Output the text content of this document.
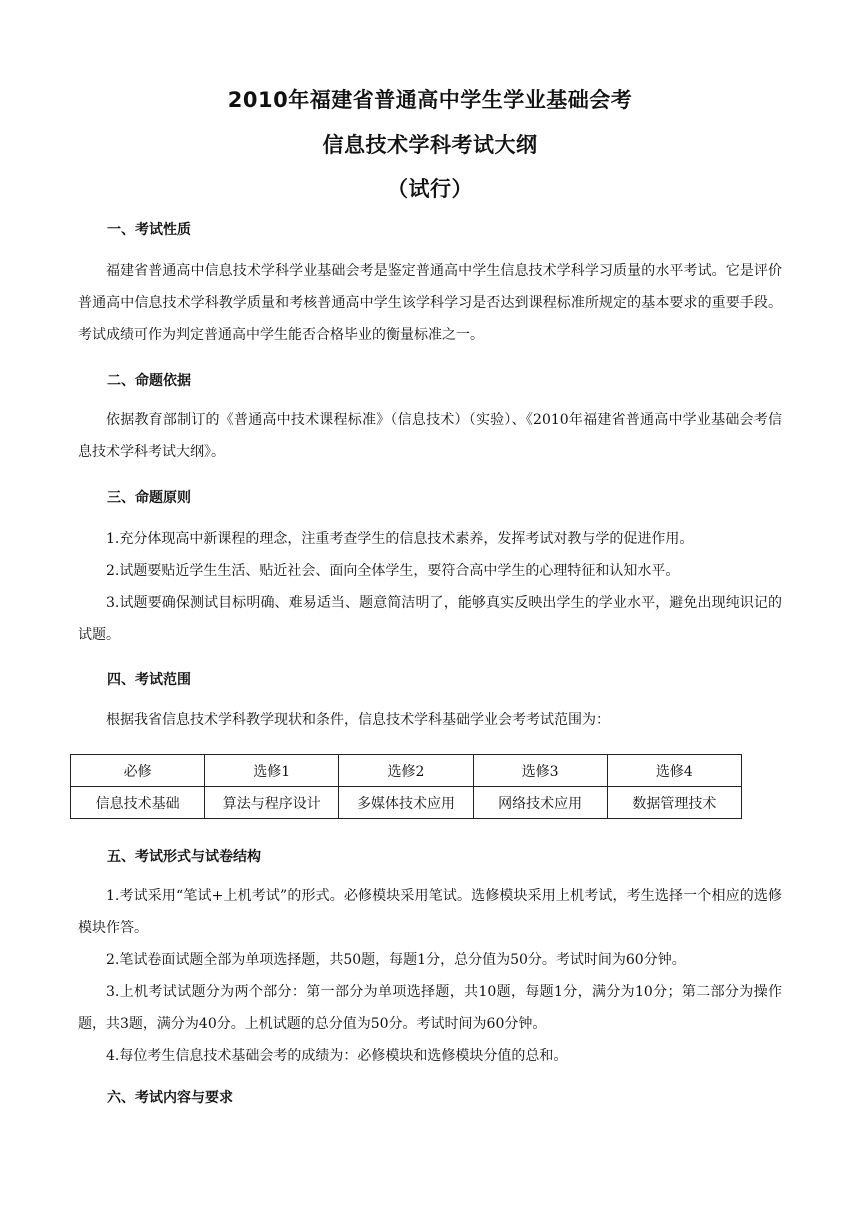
2010年福建省普通高中学生学业基础会考
信息技术学科考试大纲
（试行）
一、考试性质
福建省普通高中信息技术学科学业基础会考是鉴定普通高中学生信息技术学科学习质量的水平考试。它是评价普通高中信息技术学科教学质量和考核普通高中学生该学科学习是否达到课程标准所规定的基本要求的重要手段。考试成绩可作为判定普通高中学生能否合格毕业的衡量标准之一。
二、命题依据
依据教育部制订的《普通高中技术课程标准》（信息技术）（实验）、《2010年福建省普通高中学业基础会考信息技术学科考试大纲》。
三、命题原则
1.充分体现高中新课程的理念，注重考查学生的信息技术素养，发挥考试对教与学的促进作用。
2.试题要贴近学生生活、贴近社会、面向全体学生，要符合高中学生的心理特征和认知水平。
3.试题要确保测试目标明确、难易适当、题意简洁明了，能够真实反映出学生的学业水平，避免出现纯识记的试题。
四、考试范围
根据我省信息技术学科教学现状和条件，信息技术学科基础学业会考考试范围为：
必修	选修1	选修2	选修3	选修4
信息技术基础	算法与程序设计	多媒体技术应用	网络技术应用	数据管理技术
五、考试形式与试卷结构
1.考试采用“笔试+上机考试”的形式。必修模块采用笔试。选修模块采用上机考试，考生选择一个相应的选修模块作答。
2.笔试卷面试题全部为单项选择题，共50题，每题1分，总分值为50分。考试时间为60分钟。
3.上机考试试题分为两个部分：第一部分为单项选择题，共10题，每题1分，满分为10分；第二部分为操作题，共3题，满分为40分。上机试题的总分值为50分。考试时间为60分钟。
4.每位考生信息技术基础会考的成绩为：必修模块和选修模块分值的总和。
六、考试内容与要求
